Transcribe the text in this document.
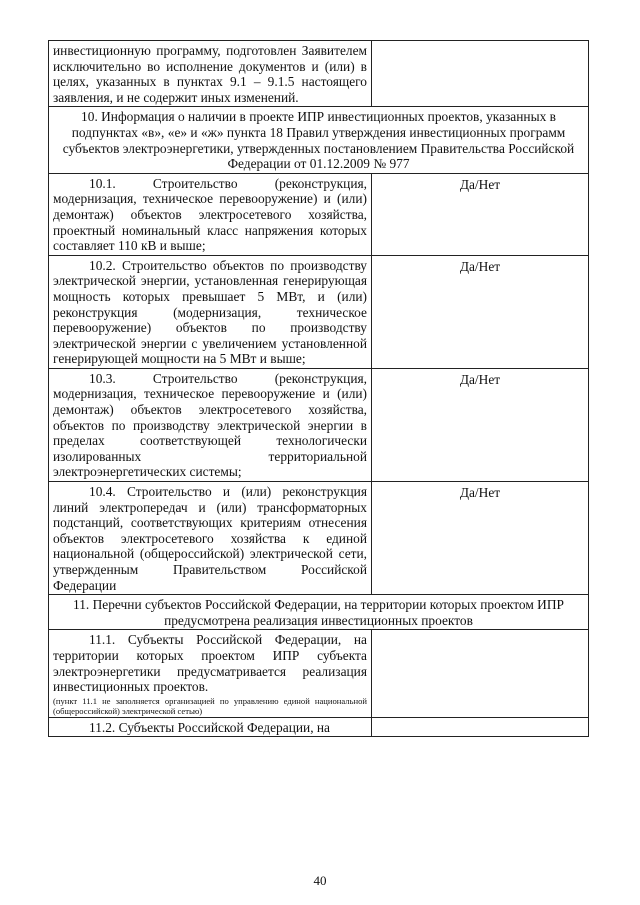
инвестиционную программу, подготовлен Заявителем исключительно во исполнение документов и (или) в целях, указанных в пунктах 9.1 – 9.1.5 настоящего заявления, и не содержит иных изменений.	
10. Информация о наличии в проекте ИПР инвестиционных проектов, указанных в подпунктах «в», «е» и «ж» пункта 18 Правил утверждения инвестиционных программ субъектов электроэнергетики, утвержденных постановлением Правительства Российской Федерации от 01.12.2009 № 977	
10.1. Строительство (реконструкция, модернизация, техническое перевооружение) и (или) демонтаж) объектов электросетевого хозяйства, проектный номинальный класс напряжения которых составляет 110 кВ и выше;	Да/Нет
10.2. Строительство объектов по производству электрической энергии, установленная генерирующая мощность которых превышает 5 МВт, и (или) реконструкция (модернизация, техническое перевооружение) объектов по производству электрической энергии с увеличением установленной генерирующей мощности на 5 МВт и выше;	Да/Нет
10.3. Строительство (реконструкция, модернизация, техническое перевооружение и (или) демонтаж) объектов электросетевого хозяйства, объектов по производству электрической энергии в пределах соответствующей технологически изолированных территориальной электроэнергетических системы;	Да/Нет
10.4. Строительство и (или) реконструкция линий электропередач и (или) трансформаторных подстанций, соответствующих критериям отнесения объектов электросетевого хозяйства к единой национальной (общероссийской) электрической сети, утвержденным Правительством Российской Федерации	Да/Нет
11. Перечни субъектов Российской Федерации, на территории которых проектом ИПР предусмотрена реализация инвестиционных проектов	
11.1. Субъекты Российской Федерации, на территории которых проектом ИПР субъекта электроэнергетики предусматривается реализация инвестиционных проектов.
(пункт 11.1 не заполняется организацией по управлению единой национальной (общероссийской) электрической сетью)	

11.2. Субъекты Российской Федерации, на	
40
